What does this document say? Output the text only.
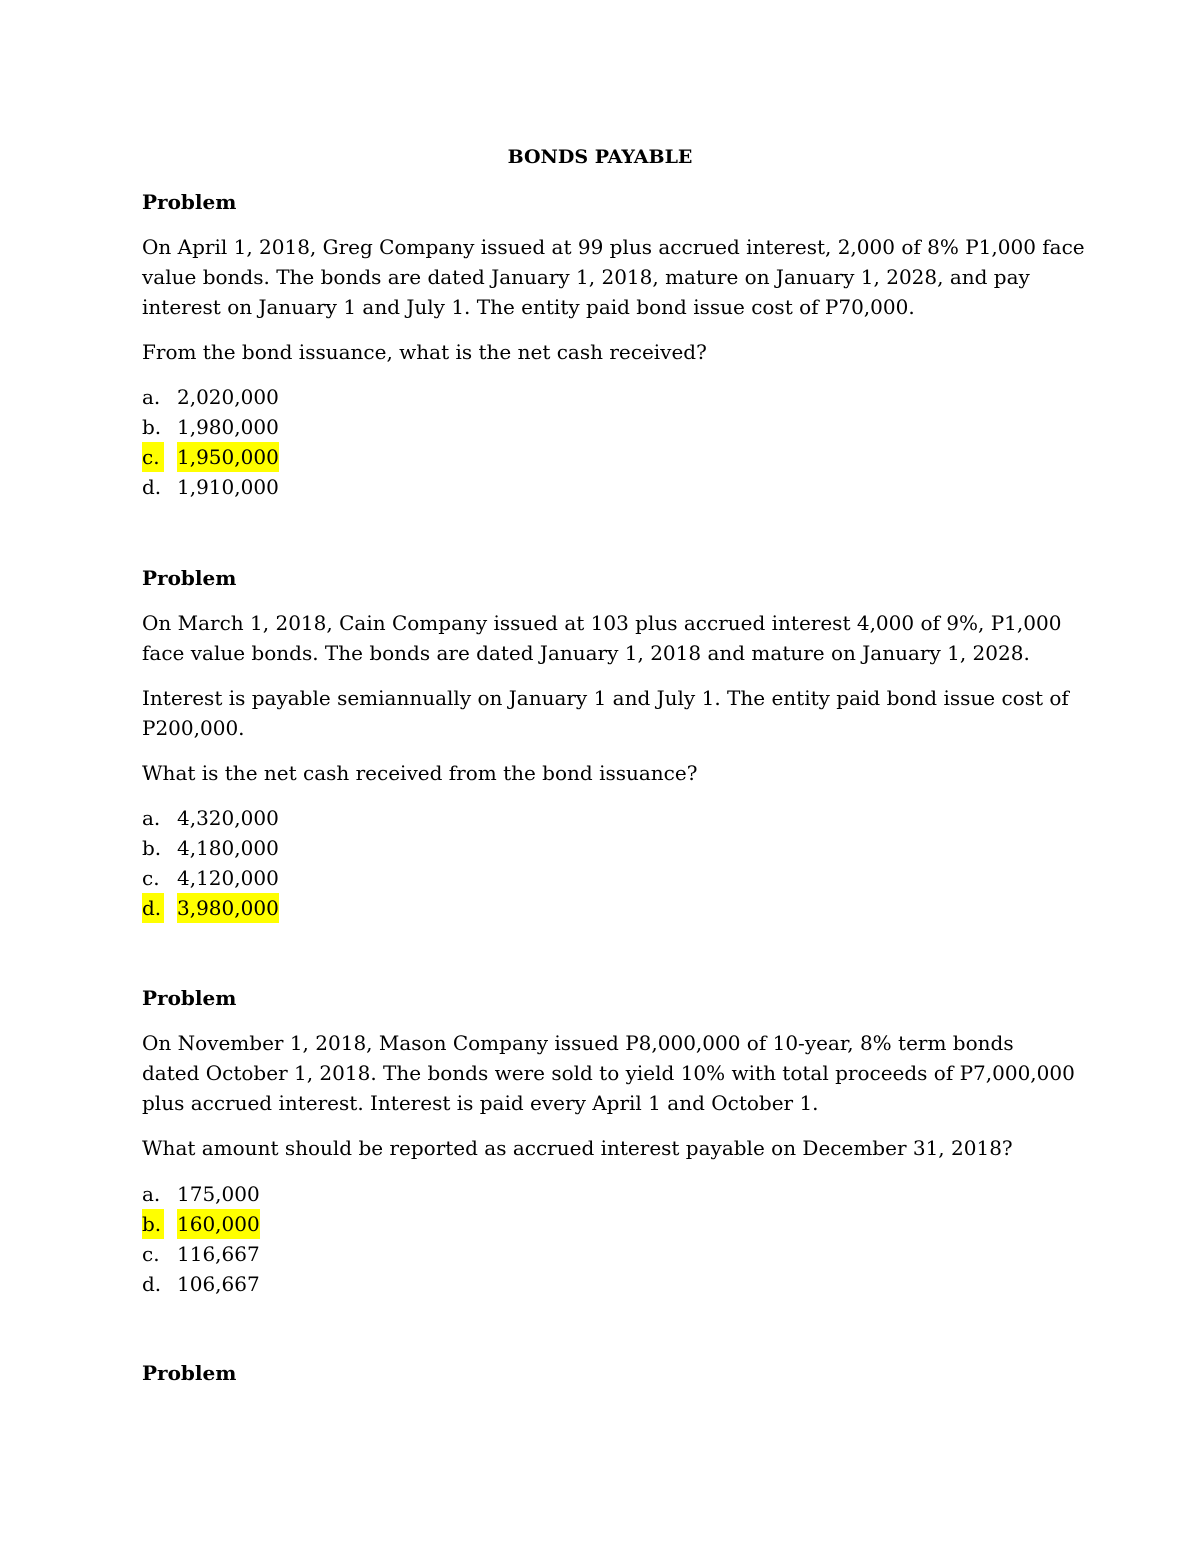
BONDS PAYABLE
Problem
On April 1, 2018, Greg Company issued at 99 plus accrued interest, 2,000 of 8% P1,000 face
value bonds. The bonds are dated January 1, 2018, mature on January 1, 2028, and pay
interest on January 1 and July 1. The entity paid bond issue cost of P70,000.
From the bond issuance, what is the net cash received?
a. 2,020,000
b. 1,980,000
c. 1,950,000
d. 1,910,000
Problem
On March 1, 2018, Cain Company issued at 103 plus accrued interest 4,000 of 9%, P1,000
face value bonds. The bonds are dated January 1, 2018 and mature on January 1, 2028.
Interest is payable semiannually on January 1 and July 1. The entity paid bond issue cost of
P200,000.
What is the net cash received from the bond issuance?
a. 4,320,000
b. 4,180,000
c. 4,120,000
d. 3,980,000
Problem
On November 1, 2018, Mason Company issued P8,000,000 of 10-year, 8% term bonds
dated October 1, 2018. The bonds were sold to yield 10% with total proceeds of P7,000,000
plus accrued interest. Interest is paid every April 1 and October 1.
What amount should be reported as accrued interest payable on December 31, 2018?
a. 175,000
b. 160,000
c. 116,667
d. 106,667
Problem
